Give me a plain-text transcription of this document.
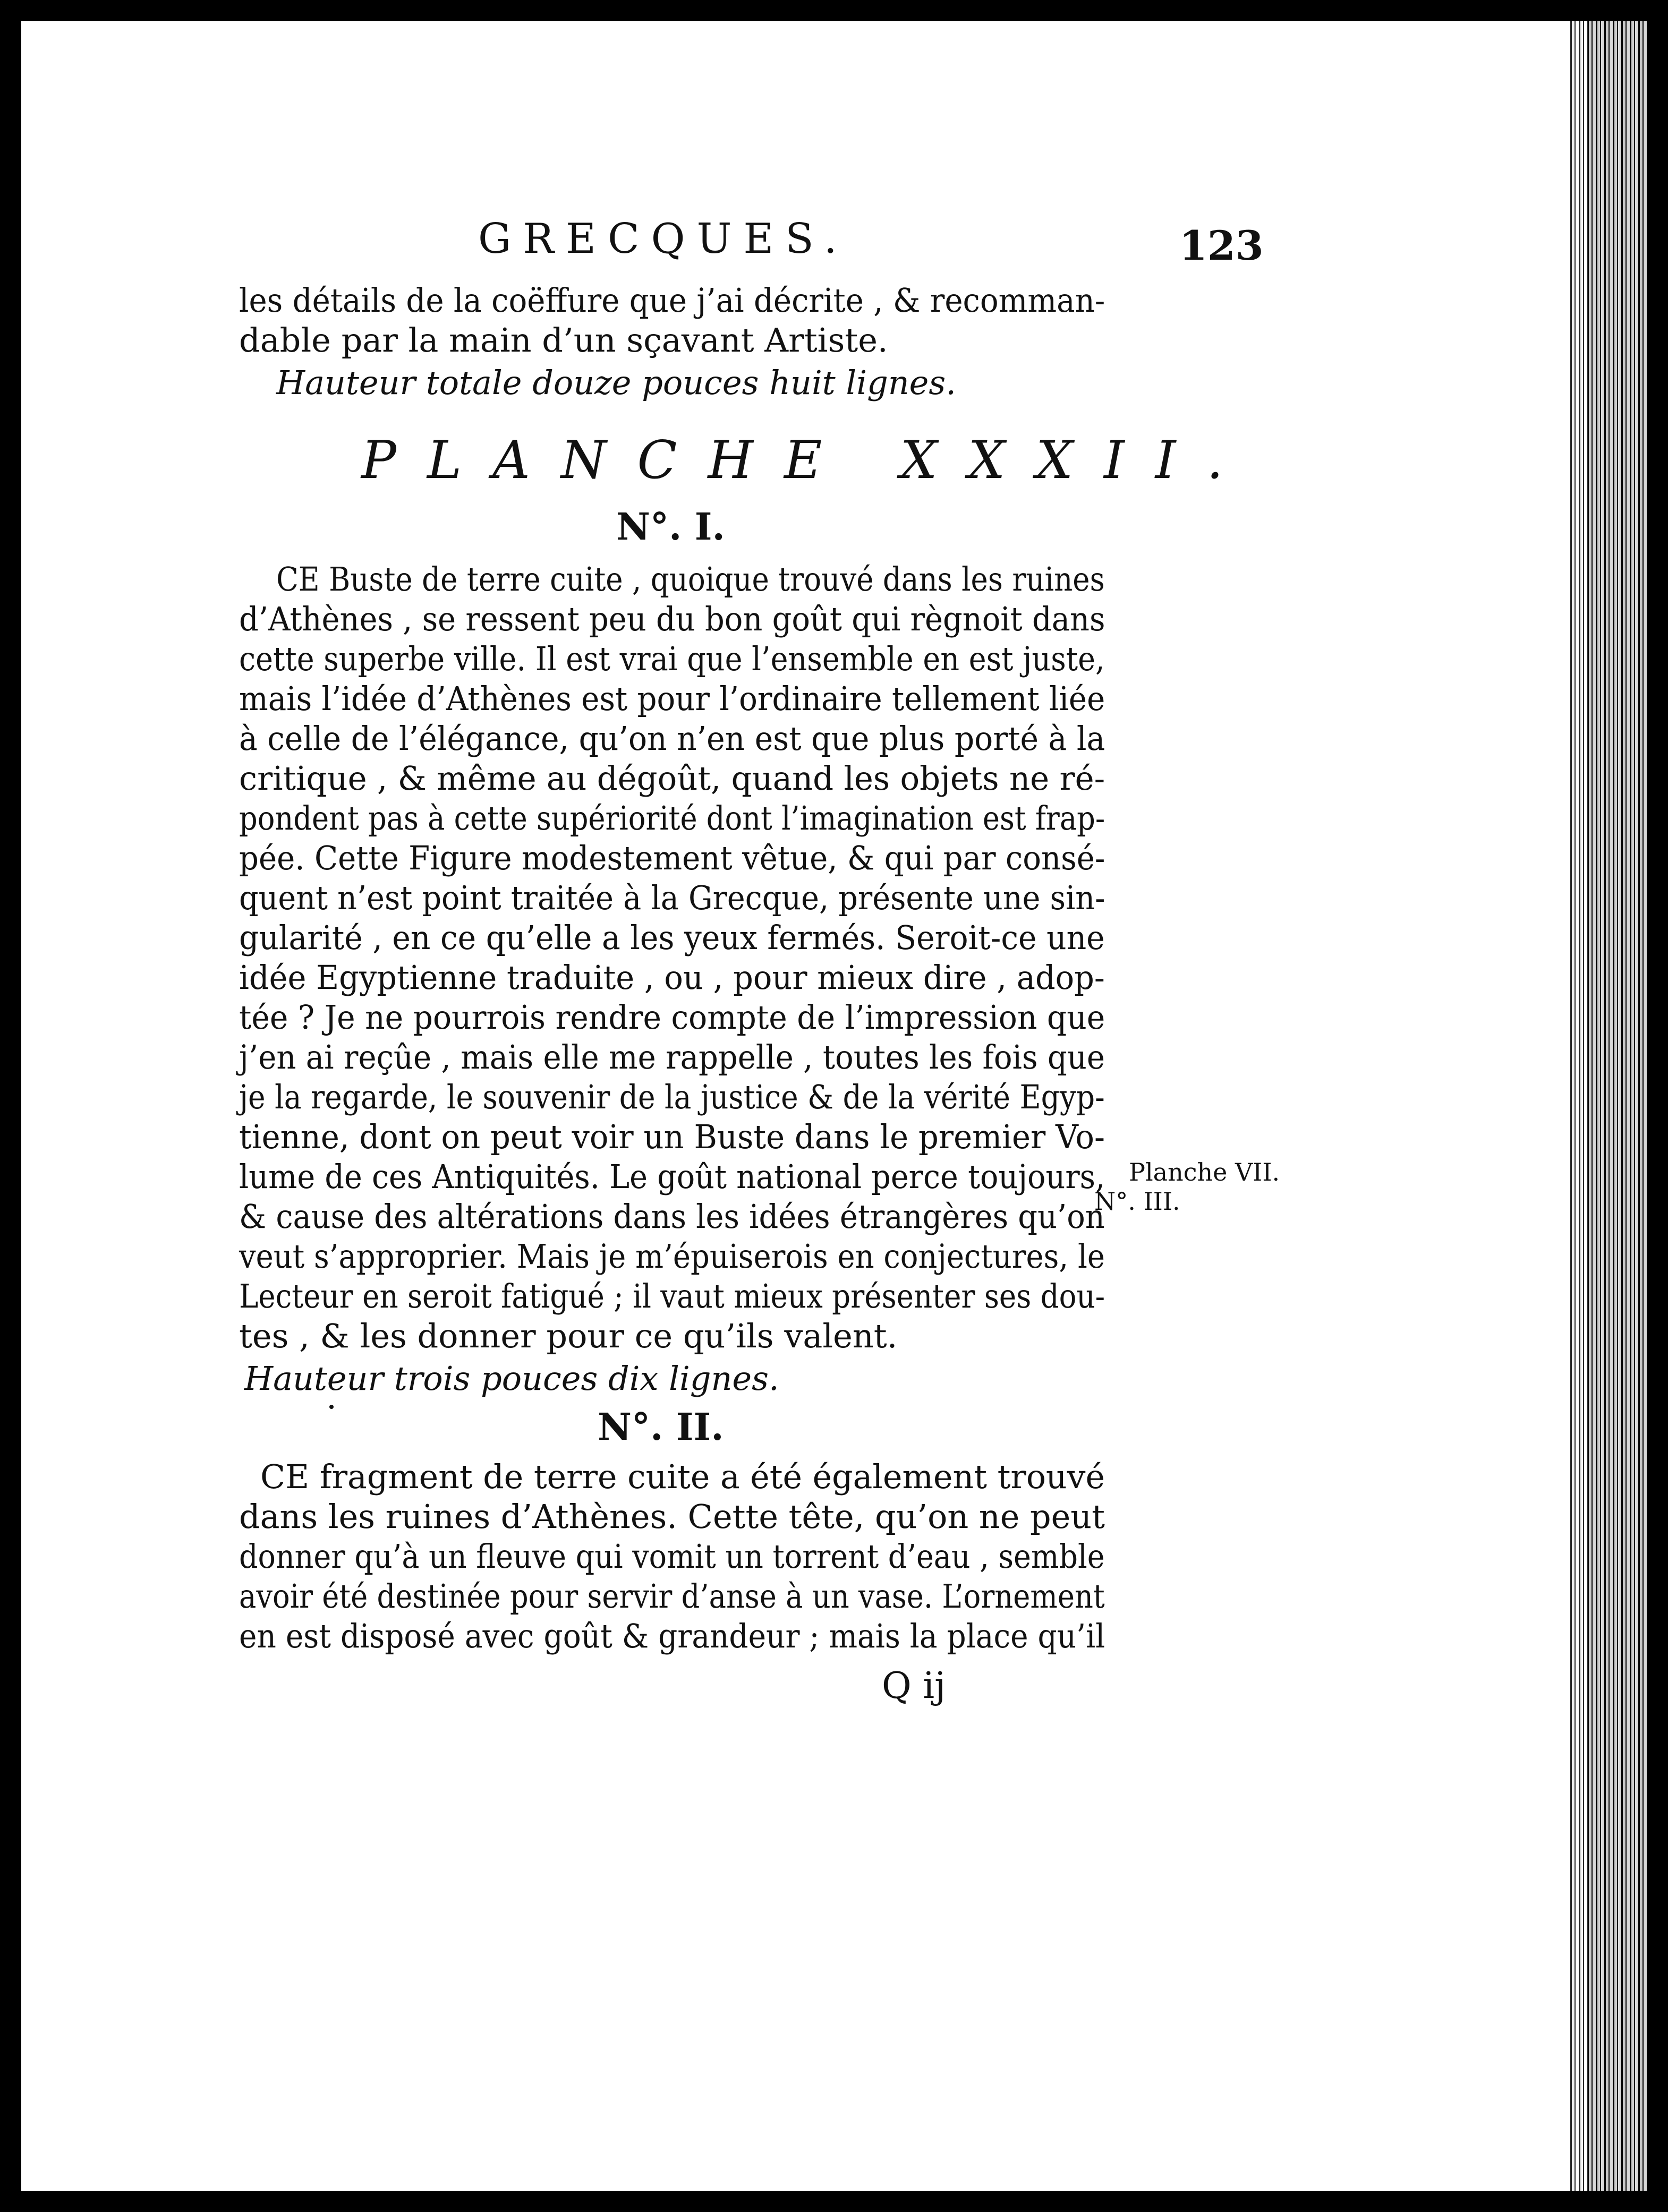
GRECQUES.	123
les détails de la coëffure que j’ai décrite , & recomman-
dable par la main d’un sçavant Artiste.
Hauteur totale douze pouces huit lignes.
PLANCHE XXXII.
N°. I.
CE Buste de terre cuite , quoique trouvé dans les ruines
d’Athènes , se ressent peu du bon goût qui règnoit dans
cette superbe ville. Il est vrai que l’ensemble en est juste,
mais l’idée d’Athènes est pour l’ordinaire tellement liée
à celle de l’élégance, qu’on n’en est que plus porté à la
critique , & même au dégoût, quand les objets ne ré-
pondent pas à cette supériorité dont l’imagination est frap-
pée. Cette Figure modestement vêtue, & qui par consé-
quent n’est point traitée à la Grecque, présente une sin-
gularité , en ce qu’elle a les yeux fermés. Seroit-ce une
idée Egyptienne traduite , ou , pour mieux dire , adop-
tée ? Je ne pourrois rendre compte de l’impression que
j’en ai reçûe , mais elle me rappelle , toutes les fois que
je la regarde, le souvenir de la justice & de la vérité Egyp-
tienne, dont on peut voir un Buste dans le premier Vo-
lume de ces Antiquités. Le goût national perce toujours,
& cause des altérations dans les idées étrangères qu’on
veut s’approprier. Mais je m’épuiserois en conjectures, le
Lecteur en seroit fatigué ; il vaut mieux présenter ses dou-
tes , & les donner pour ce qu’ils valent.
Hauteur trois pouces dix lignes.
Planche VII.
N°. III.
N°. II.
CE fragment de terre cuite a été également trouvé
dans les ruines d’Athènes. Cette tête, qu’on ne peut
donner qu’à un fleuve qui vomit un torrent d’eau , semble
avoir été destinée pour servir d’anse à un vase. L’ornement
en est disposé avec goût & grandeur ; mais la place qu’il
Q ij
